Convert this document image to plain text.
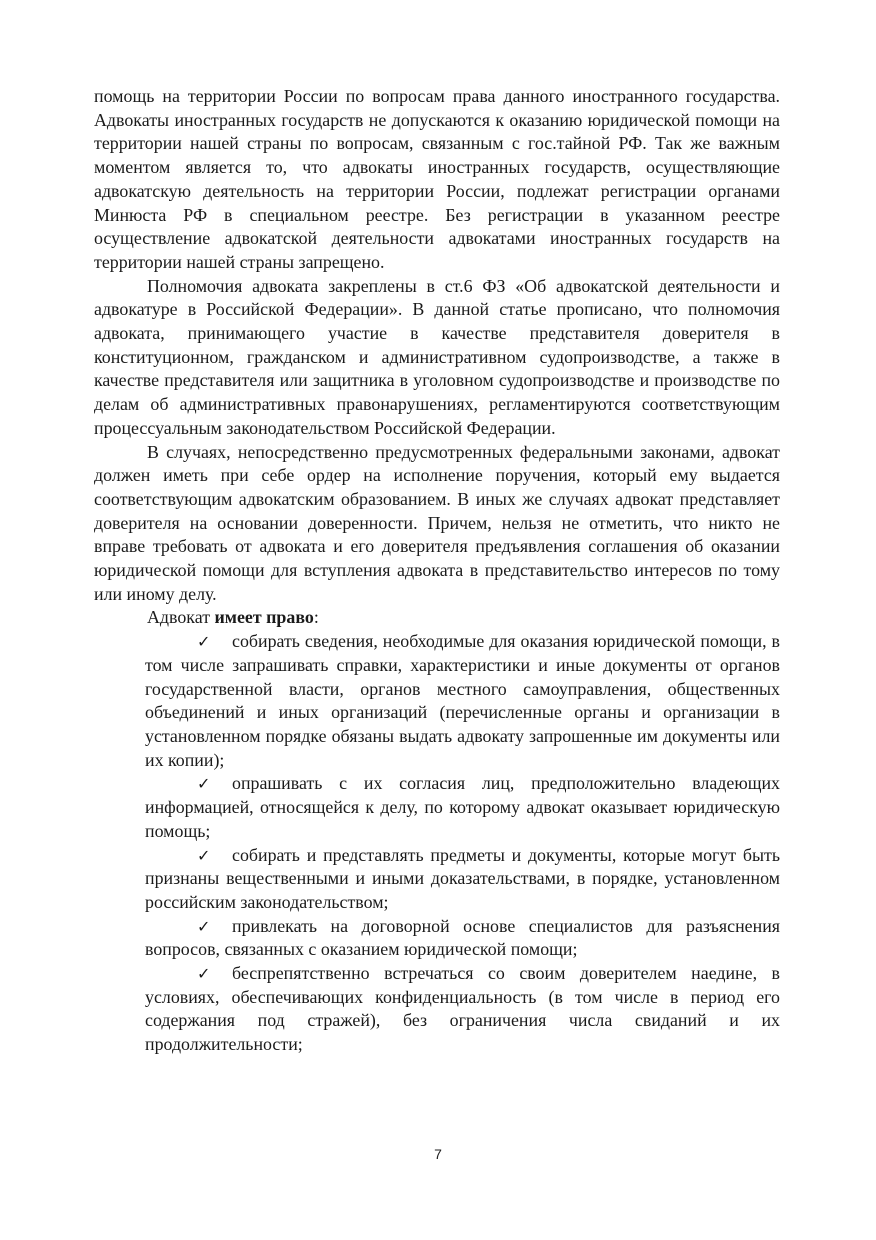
помощь на территории России по вопросам права данного иностранного государства. Адвокаты иностранных государств не допускаются к оказанию юридической помощи на территории нашей страны по вопросам, связанным с гос.тайной РФ. Так же важным моментом является то, что адвокаты иностранных государств, осуществляющие адвокатскую деятельность на территории России, подлежат регистрации органами Минюста РФ в специальном реестре. Без регистрации в указанном реестре осуществление адвокатской деятельности адвокатами иностранных государств на территории нашей страны запрещено.

Полномочия адвоката закреплены в ст.6 ФЗ «Об адвокатской деятельности и адвокатуре в Российской Федерации». В данной статье прописано, что полномочия адвоката, принимающего участие в качестве представителя доверителя в конституционном, гражданском и административном судопроизводстве, а также в качестве представителя или защитника в уголовном судопроизводстве и производстве по делам об административных правонарушениях, регламентируются соответствующим процессуальным законодательством Российской Федерации.

В случаях, непосредственно предусмотренных федеральными законами, адвокат должен иметь при себе ордер на исполнение поручения, который ему выдается соответствующим адвокатским образованием. В иных же случаях адвокат представляет доверителя на основании доверенности. Причем, нельзя не отметить, что никто не вправе требовать от адвоката и его доверителя предъявления соглашения об оказании юридической помощи для вступления адвоката в представительство интересов по тому или иному делу.

Адвокат имеет право:

✓ собирать сведения, необходимые для оказания юридической помощи, в том числе запрашивать справки, характеристики и иные документы от органов государственной власти, органов местного самоуправления, общественных объединений и иных организаций (перечисленные органы и организации в установленном порядке обязаны выдать адвокату запрошенные им документы или их копии);

✓ опрашивать с их согласия лиц, предположительно владеющих информацией, относящейся к делу, по которому адвокат оказывает юридическую помощь;

✓ собирать и представлять предметы и документы, которые могут быть признаны вещественными и иными доказательствами, в порядке, установленном российским законодательством;

✓ привлекать на договорной основе специалистов для разъяснения вопросов, связанных с оказанием юридической помощи;

✓ беспрепятственно встречаться со своим доверителем наедине, в условиях, обеспечивающих конфиденциальность (в том числе в период его содержания под стражей), без ограничения числа свиданий и их продолжительности;

7
